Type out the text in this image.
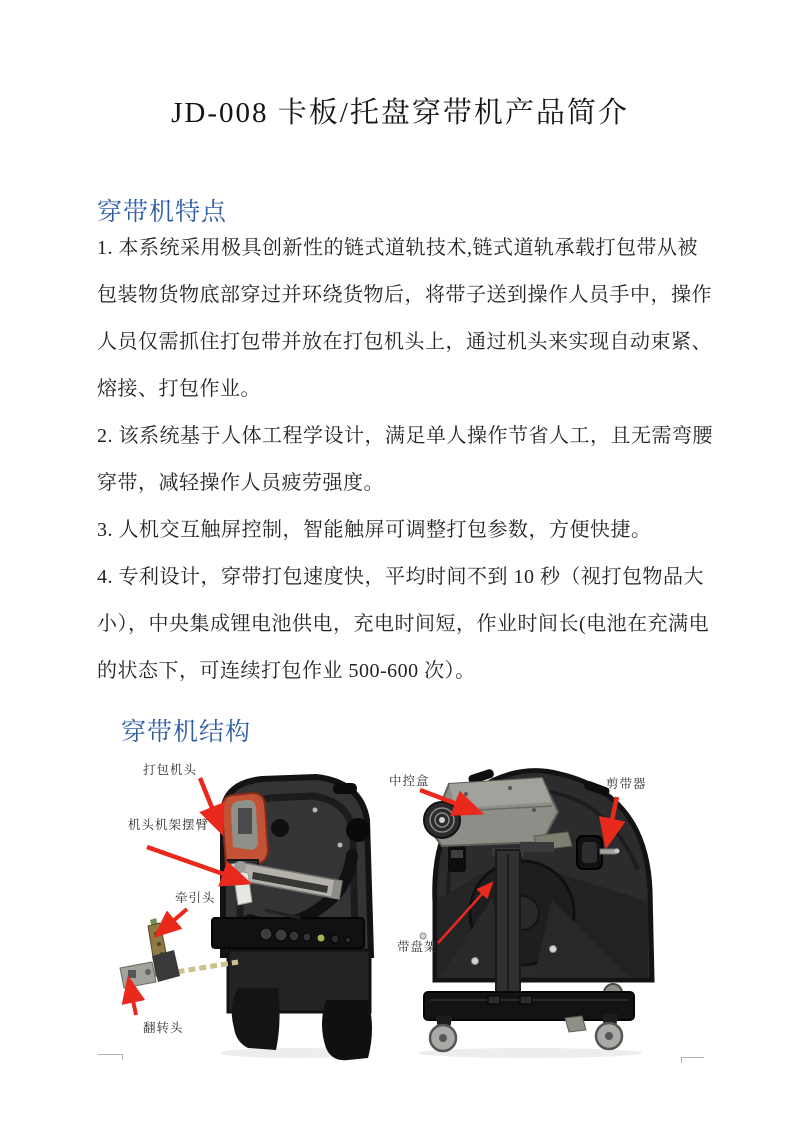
JD-008 卡板/托盘穿带机产品简介
穿带机特点
1. 本系统采用极具创新性的链式道轨技术,链式道轨承载打包带从被
包装物货物底部穿过并环绕货物后，将带子送到操作人员手中，操作
人员仅需抓住打包带并放在打包机头上，通过机头来实现自动束紧、
熔接、打包作业。
2. 该系统基于人体工程学设计，满足单人操作节省人工，且无需弯腰
穿带，减轻操作人员疲劳强度。
3. 人机交互触屏控制，智能触屏可调整打包参数，方便快捷。
4. 专利设计，穿带打包速度快，平均时间不到 10 秒（视打包物品大
小），中央集成锂电池供电，充电时间短，作业时间长(电池在充满电
的状态下，可连续打包作业 500-600 次）。
穿带机结构
打包机头
机头机架摆臂
牵引头
翻转头
中控盒	剪带器
带盘架
